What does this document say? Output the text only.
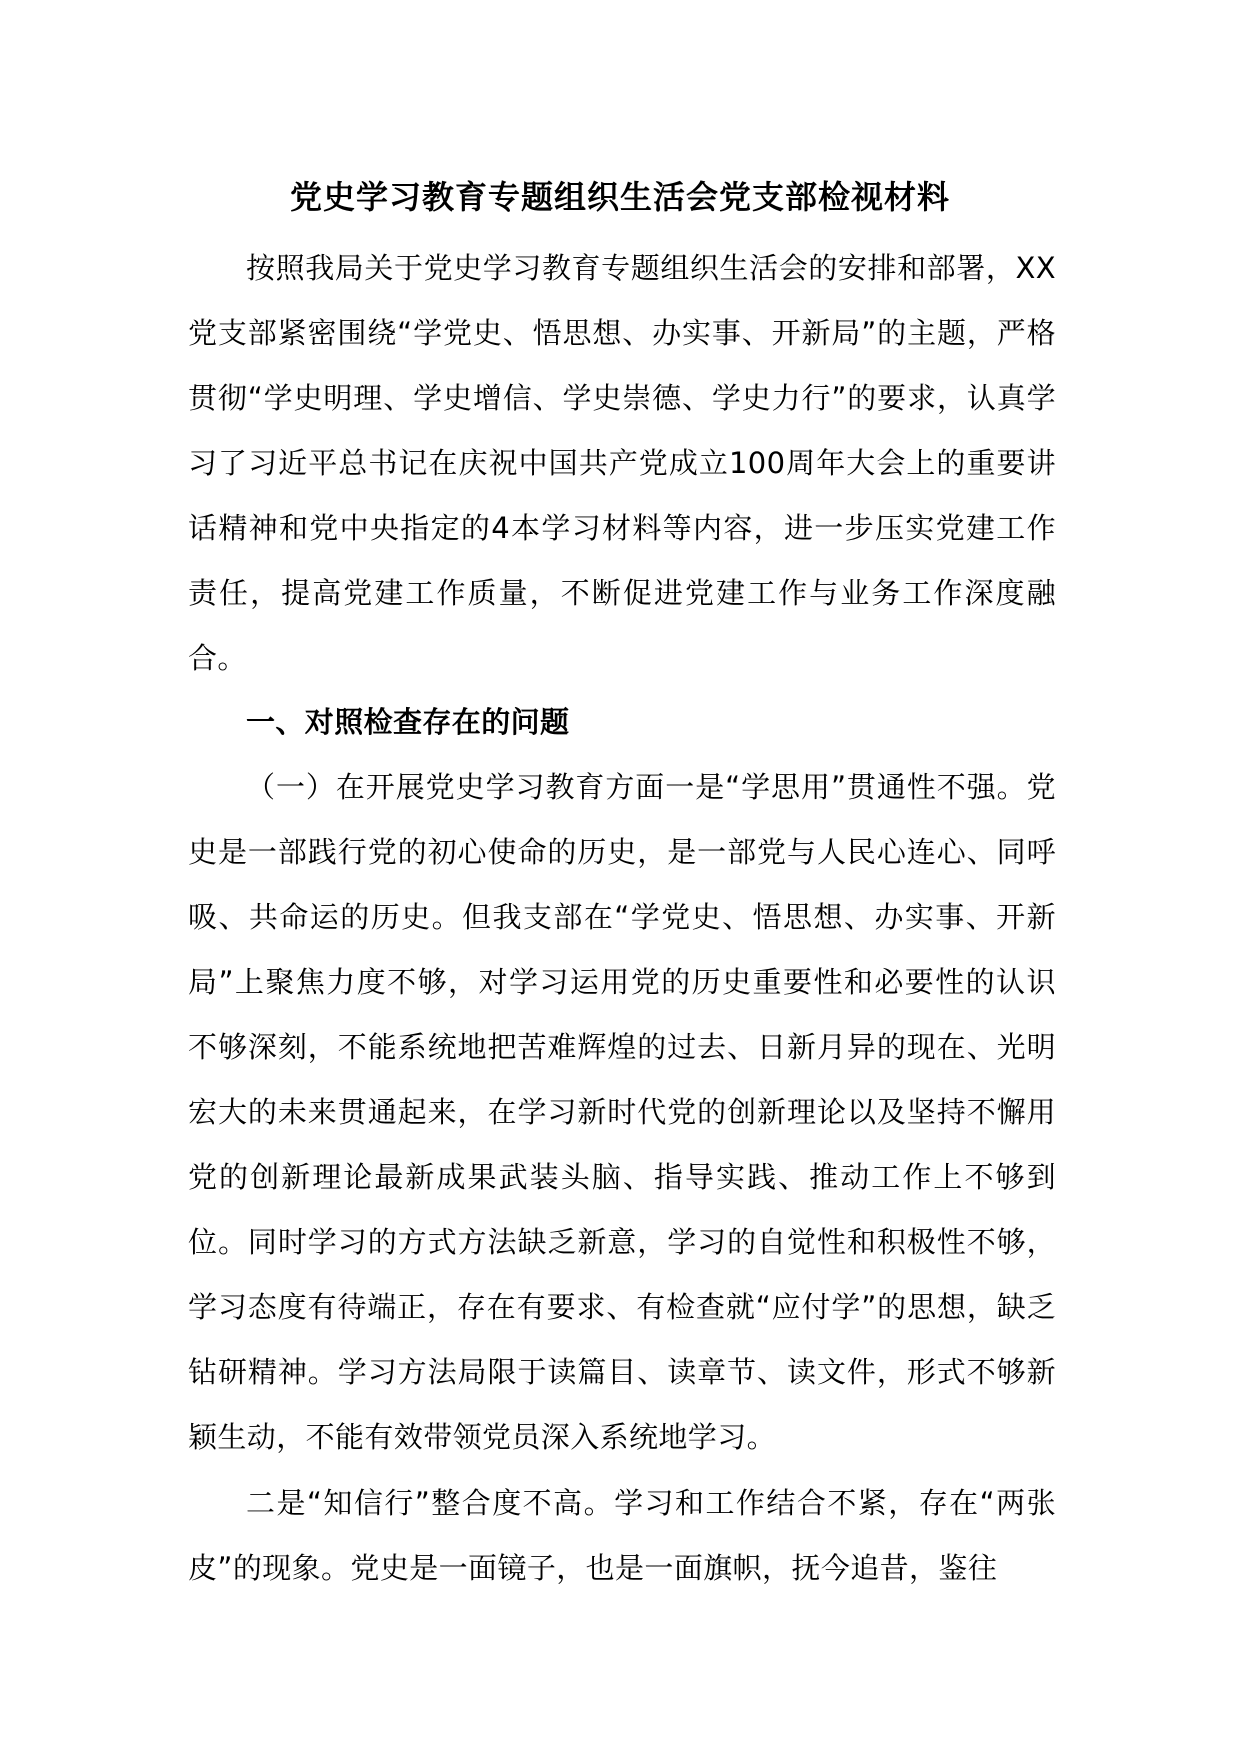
党史学习教育专题组织生活会党支部检视材料

按照我局关于党史学习教育专题组织生活会的安排和部署，XX党支部紧密围绕“学党史、悟思想、办实事、开新局”的主题，严格贯彻“学史明理、学史增信、学史崇德、学史力行”的要求，认真学习了习近平总书记在庆祝中国共产党成立100周年大会上的重要讲话精神和党中央指定的4本学习材料等内容，进一步压实党建工作责任，提高党建工作质量，不断促进党建工作与业务工作深度融合。

一、对照检查存在的问题

（一）在开展党史学习教育方面一是“学思用”贯通性不强。党史是一部践行党的初心使命的历史，是一部党与人民心连心、同呼吸、共命运的历史。但我支部在“学党史、悟思想、办实事、开新局”上聚焦力度不够，对学习运用党的历史重要性和必要性的认识不够深刻，不能系统地把苦难辉煌的过去、日新月异的现在、光明宏大的未来贯通起来，在学习新时代党的创新理论以及坚持不懈用党的创新理论最新成果武装头脑、指导实践、推动工作上不够到位。同时学习的方式方法缺乏新意，学习的自觉性和积极性不够，学习态度有待端正，存在有要求、有检查就“应付学”的思想，缺乏钻研精神。学习方法局限于读篇目、读章节、读文件，形式不够新颖生动，不能有效带领党员深入系统地学习。

二是“知信行”整合度不高。学习和工作结合不紧，存在“两张皮”的现象。党史是一面镜子，也是一面旗帜，抚今追昔，鉴往
